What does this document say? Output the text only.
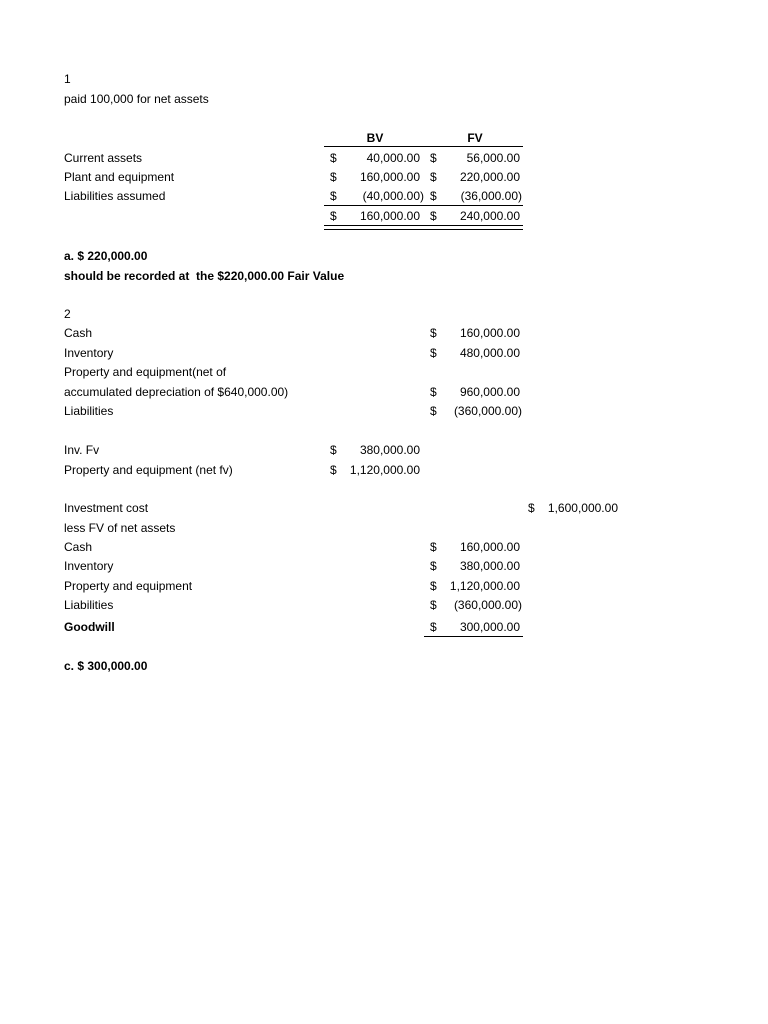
1
paid 100,000 for net assets
BV	FV
Current assets	$	40,000.00 $	56,000.00
Plant and equipment	$	160,000.00 $	220,000.00
Liabilities assumed	$	(40,000.00) $	(36,000.00)
$	160,000.00 $	240,000.00
a. $ 220,000.00
should be recorded at  the $220,000.00 Fair Value
2
Cash	$	160,000.00
Inventory	$	480,000.00
Property and equipment(net of
accumulated depreciation of $640,000.00)	$	960,000.00
Liabilities	$	(360,000.00)
Inv. Fv	$	380,000.00
Property and equipment (net fv)	$	1,120,000.00
Investment cost	$	1,600,000.00
less FV of net assets
Cash	$	160,000.00
Inventory	$	380,000.00
Property and equipment	$	1,120,000.00
Liabilities	$	(360,000.00)
Goodwill	$	300,000.00
c. $ 300,000.00
